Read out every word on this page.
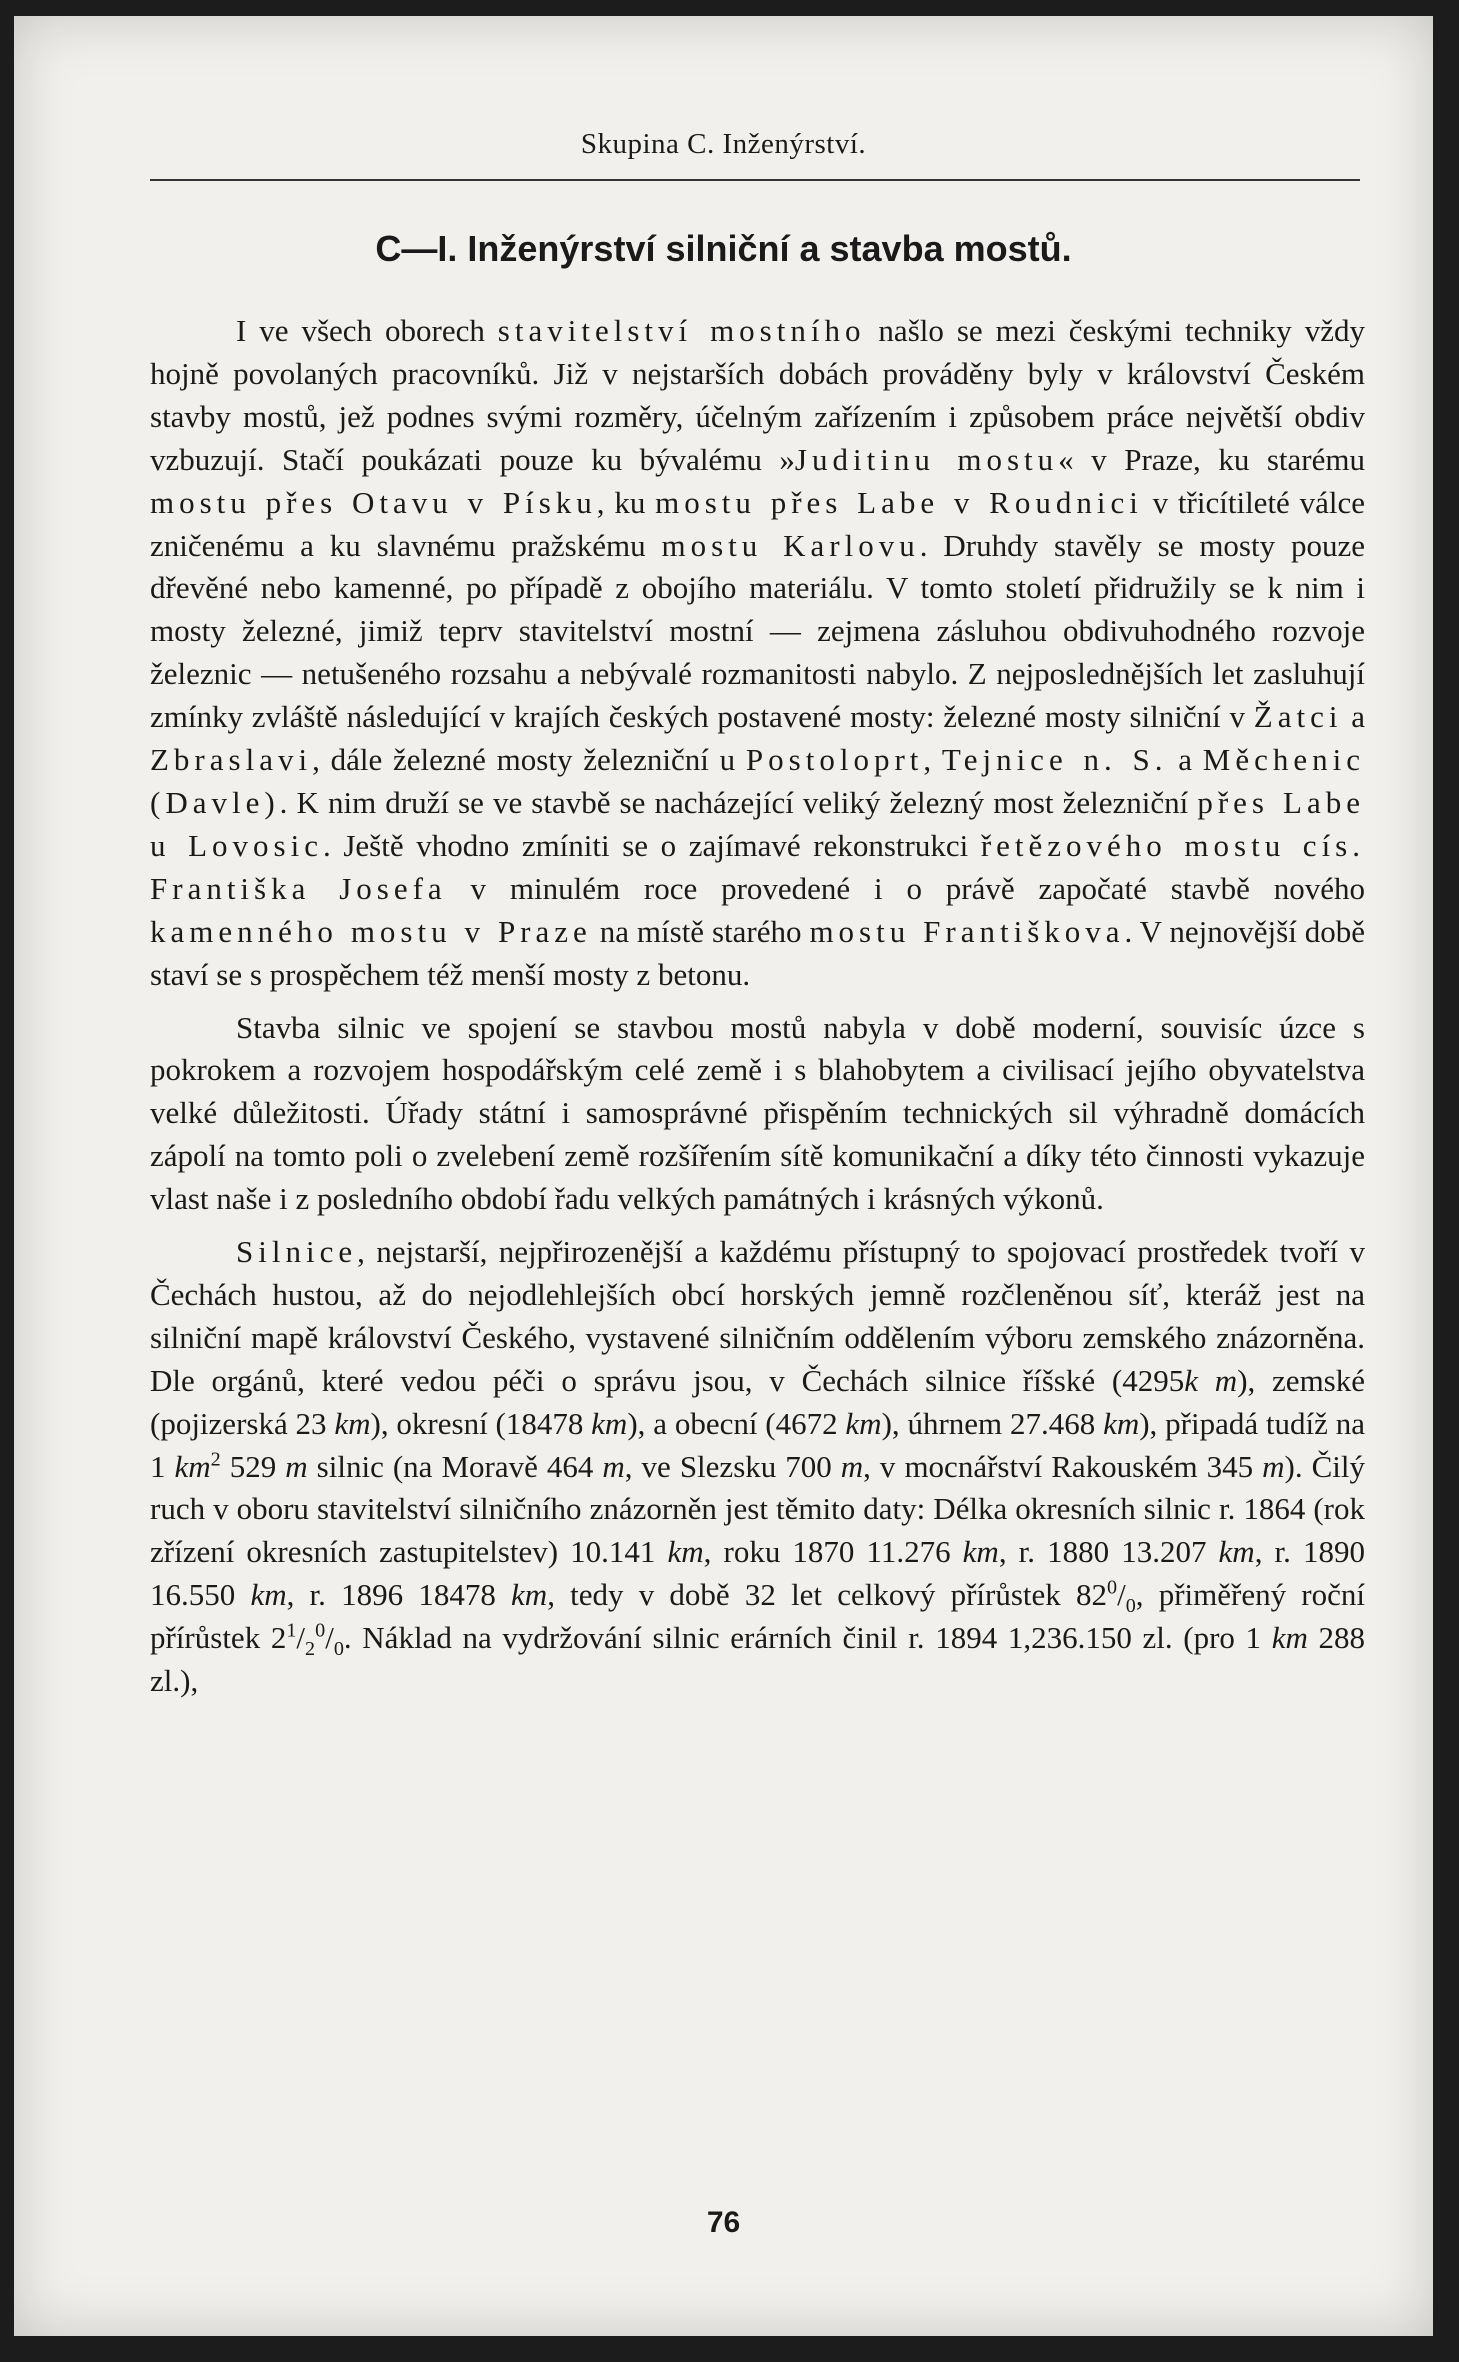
Skupina C. Inženýrství.
C—I. Inženýrství silniční a stavba mostů.

I ve všech oborech stavitelství mostního našlo se mezi českými techniky vždy hojně povolaných pracovníků. Již v nejstarších dobách prováděny byly v království Českém stavby mostů, jež podnes svými rozměry, účelným zařízením i způsobem práce největší obdiv vzbuzují. Stačí poukázati pouze ku bývalému »Juditinu mostu« v Praze, ku starému mostu přes Otavu v Písku, ku mostu přes Labe v Roudnici v třicítileté válce zničenému a ku slavnému pražskému mostu Karlovu. Druhdy stavěly se mosty pouze dřevěné nebo kamenné, po případě z obojího materiálu. V tomto století přidružily se k nim i mosty železné, jimiž teprv stavitelství mostní — zejmena zásluhou obdivuhodného rozvoje železnic — netušeného rozsahu a nebývalé rozmanitosti nabylo. Z nejposlednějších let zasluhují zmínky zvláště následující v krajích českých postavené mosty: železné mosty silniční v Žatci a Zbraslavi, dále železné mosty železniční u Postoloprt, Tejnice n. S. a Měchenic (Davle). K nim druží se ve stavbě se nacházející veliký železný most železniční přes Labe u Lovosic. Ještě vhodno zmíniti se o zajímavé rekonstrukci řetězového mostu cís. Františka Josefa v minulém roce provedené i o právě započaté stavbě nového kamenného mostu v Praze na místě starého mostu Františkova. V nejnovější době staví se s prospěchem též menší mosty z betonu.

Stavba silnic ve spojení se stavbou mostů nabyla v době moderní, souvisíc úzce s pokrokem a rozvojem hospodářským celé země i s blahobytem a civilisací jejího obyvatelstva velké důležitosti. Úřady státní i samosprávné přispěním technických sil výhradně domácích zápolí na tomto poli o zvelebení země rozšířením sítě komunikační a díky této činnosti vykazuje vlast naše i z posledního období řadu velkých památných i krásných výkonů.

Silnice, nejstarší, nejpřirozenější a každému přístupný to spojovací prostředek tvoří v Čechách hustou, až do nejodlehlejších obcí horských jemně rozčleněnou síť, kteráž jest na silniční mapě království Českého, vystavené silničním oddělením výboru zemského znázorněna. Dle orgánů, které vedou péči o správu jsou, v Čechách silnice říšské (4295k m), zemské (pojizerská 23 km), okresní (18478 km), a obecní (4672 km), úhrnem 27.468 km), připadá tudíž na 1 $km^2$ 529 m silnic (na Moravě 464 m, ve Slezsku 700 m, v mocnářství Rakouském 345 m). Čilý ruch v oboru stavitelství silničního znázorněn jest těmito daty: Délka okresních silnic r. 1864 (rok zřízení okresních zastupitelstev) 10.141 km, roku 1870 11.276 km, r. 1880 13.207 km, r. 1890 16.550 km, r. 1896 18478 km, tedy v době 32 let celkový přírůstek $82^0/_0$, přiměřený roční přírůstek $2^1/_2^0/_0$. Náklad na vydržování silnic erárních činil r. 1894 1,236.150 zl. (pro 1 km 288 zl.),

76
